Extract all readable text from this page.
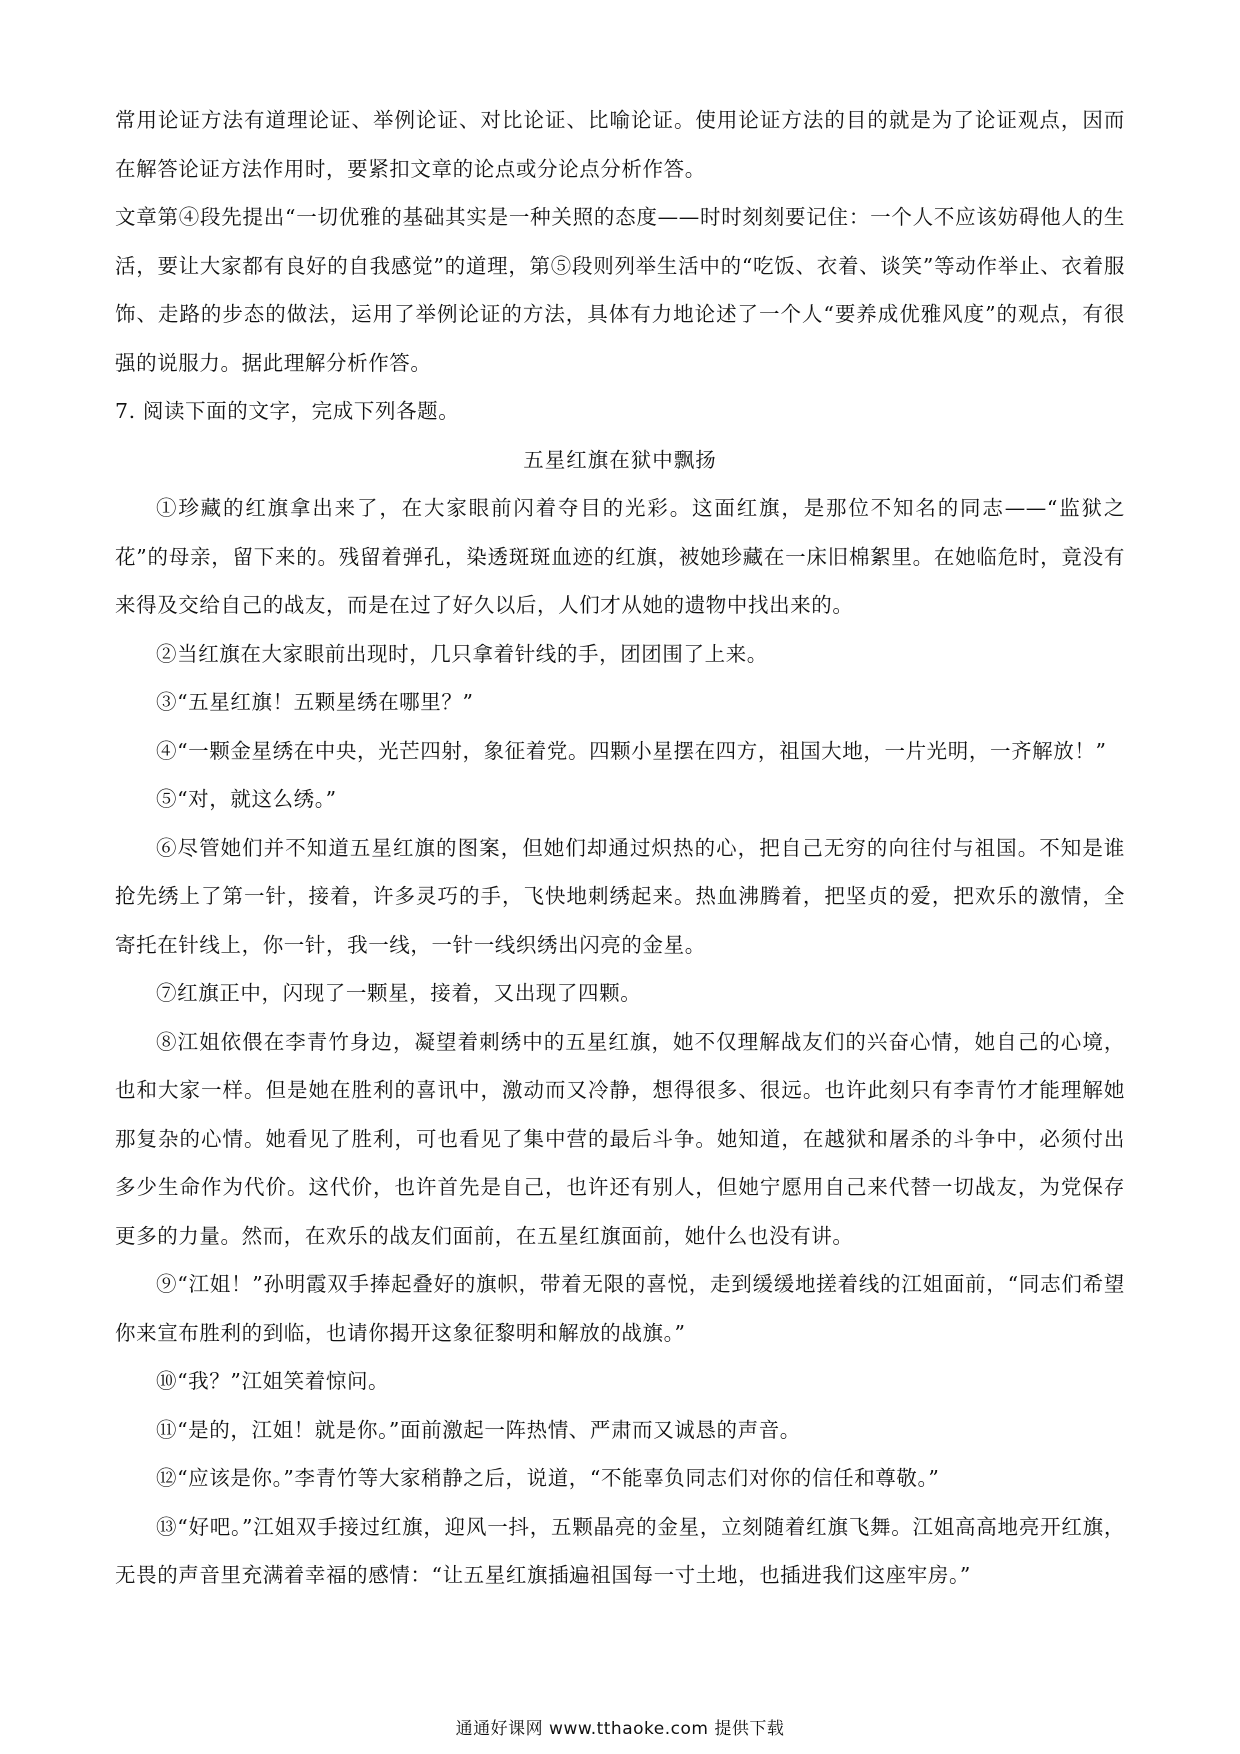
常用论证方法有道理论证、举例论证、对比论证、比喻论证。使用论证方法的目的就是为了论证观点，因而在解答论证方法作用时，要紧扣文章的论点或分论点分析作答。

文章第④段先提出“一切优雅的基础其实是一种关照的态度——时时刻刻要记住：一个人不应该妨碍他人的生活，要让大家都有良好的自我感觉”的道理，第⑤段则列举生活中的“吃饭、衣着、谈笑”等动作举止、衣着服饰、走路的步态的做法，运用了举例论证的方法，具体有力地论述了一个人“要养成优雅风度”的观点，有很强的说服力。据此理解分析作答。

7. 阅读下面的文字，完成下列各题。

五星红旗在狱中飘扬

①珍藏的红旗拿出来了，在大家眼前闪着夺目的光彩。这面红旗，是那位不知名的同志——“监狱之花”的母亲，留下来的。残留着弹孔，染透斑斑血迹的红旗，被她珍藏在一床旧棉絮里。在她临危时，竟没有来得及交给自己的战友，而是在过了好久以后，人们才从她的遗物中找出来的。

②当红旗在大家眼前出现时，几只拿着针线的手，团团围了上来。

③“五星红旗！五颗星绣在哪里？”

④“一颗金星绣在中央，光芒四射，象征着党。四颗小星摆在四方，祖国大地，一片光明，一齐解放！”

⑤“对，就这么绣。”

⑥尽管她们并不知道五星红旗的图案，但她们却通过炽热的心，把自己无穷的向往付与祖国。不知是谁抢先绣上了第一针，接着，许多灵巧的手，飞快地刺绣起来。热血沸腾着，把坚贞的爱，把欢乐的激情，全寄托在针线上，你一针，我一线，一针一线织绣出闪亮的金星。

⑦红旗正中，闪现了一颗星，接着，又出现了四颗。

⑧江姐依偎在李青竹身边，凝望着刺绣中的五星红旗，她不仅理解战友们的兴奋心情，她自己的心境，也和大家一样。但是她在胜利的喜讯中，激动而又冷静，想得很多、很远。也许此刻只有李青竹才能理解她那复杂的心情。她看见了胜利，可也看见了集中营的最后斗争。她知道，在越狱和屠杀的斗争中，必须付出多少生命作为代价。这代价，也许首先是自己，也许还有别人，但她宁愿用自己来代替一切战友，为党保存更多的力量。然而，在欢乐的战友们面前，在五星红旗面前，她什么也没有讲。

⑨“江姐！”孙明霞双手捧起叠好的旗帜，带着无限的喜悦，走到缓缓地搓着线的江姐面前，“同志们希望你来宣布胜利的到临，也请你揭开这象征黎明和解放的战旗。”

⑩“我？”江姐笑着惊问。

⑪“是的，江姐！就是你。”面前激起一阵热情、严肃而又诚恳的声音。

⑫“应该是你。”李青竹等大家稍静之后，说道，“不能辜负同志们对你的信任和尊敬。”

⑬“好吧。”江姐双手接过红旗，迎风一抖，五颗晶亮的金星，立刻随着红旗飞舞。江姐高高地亮开红旗，无畏的声音里充满着幸福的感情：“让五星红旗插遍祖国每一寸土地，也插进我们这座牢房。”

通通好课网 www.tthaoke.com 提供下载
